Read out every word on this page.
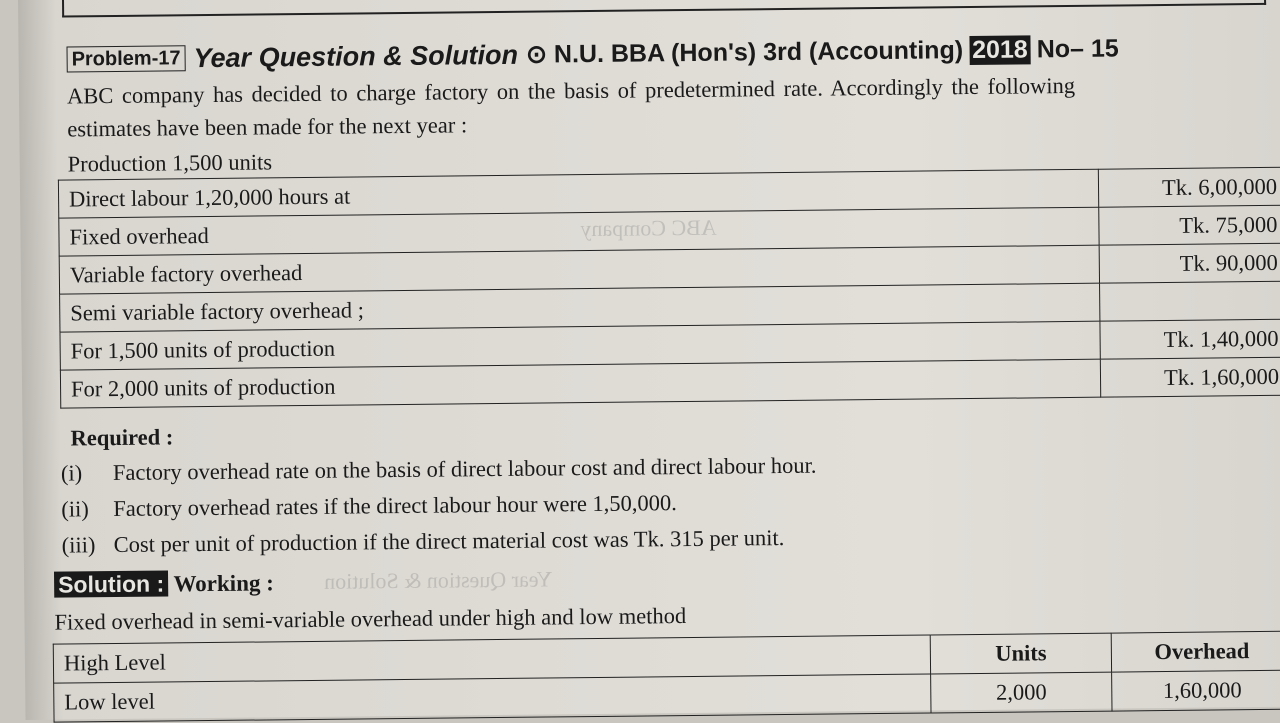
ABC Company
Year Question & Solution
Problem-17 Year Question & Solution ⊙ N.U. BBA (Hon's) 3rd (Accounting) 2018 No– 15
ABC company has decided to charge factory on the basis of predetermined rate. Accordingly the following
estimates have been made for the next year :
Production 1,500 units
Direct labour 1,20,000 hours at	Tk. 6,00,000
Fixed overhead	Tk. 75,000
Variable factory overhead	Tk. 90,000
Semi variable factory overhead ;	
For 1,500 units of production	Tk. 1,40,000
For 2,000 units of production	Tk. 1,60,000
Required :
(i) Factory overhead rate on the basis of direct labour cost and direct labour hour.
(ii) Factory overhead rates if the direct labour hour were 1,50,000.
(iii) Cost per unit of production if the direct material cost was Tk. 315 per unit.
Solution : Working :
Fixed overhead in semi-variable overhead under high and low method
High Level	Units	Overhead
Low level	2,000	1,60,000
